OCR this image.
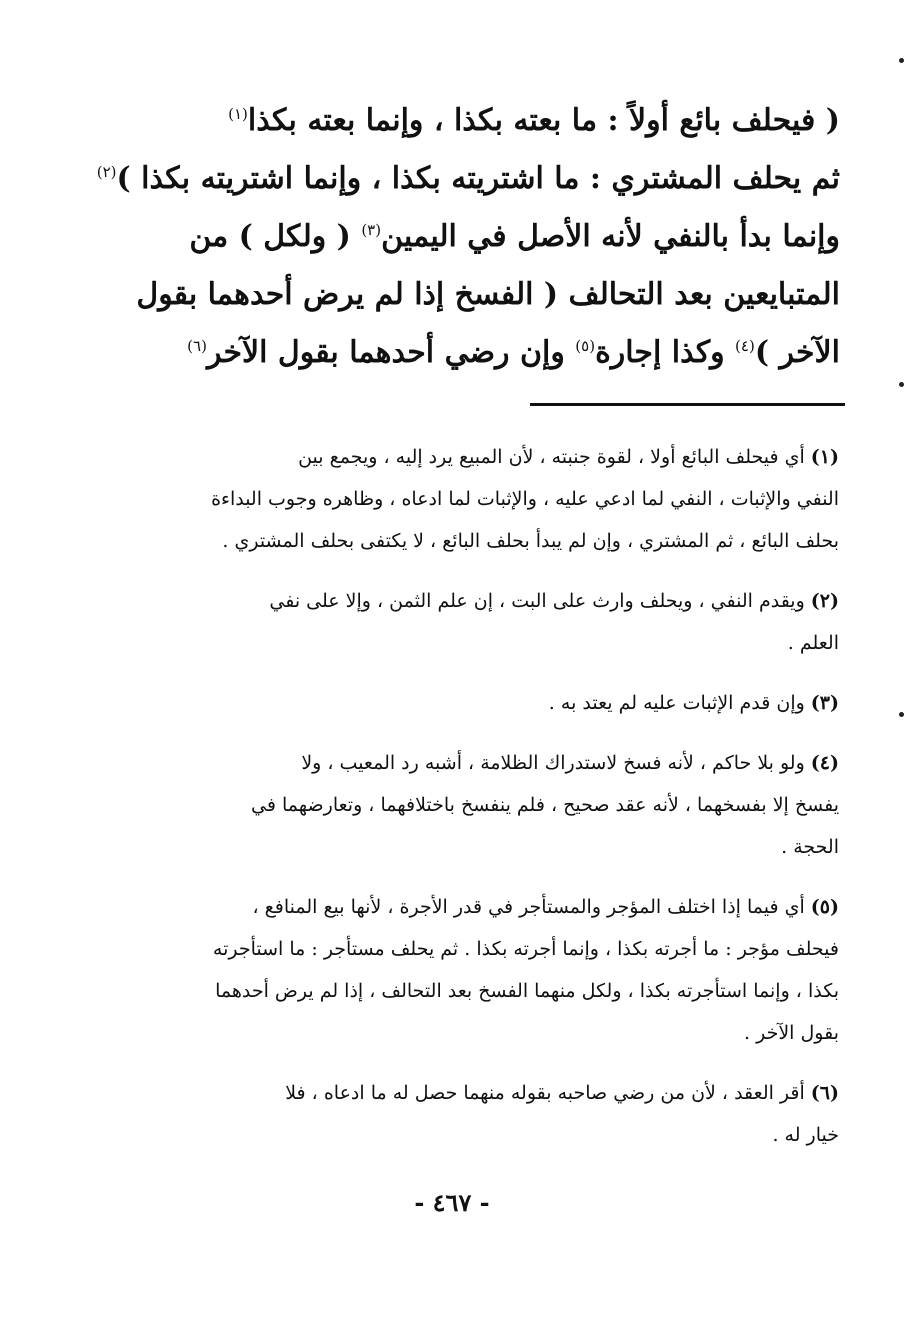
( فيحلف بائع أولاً : ما بعته بكذا ، وإنما بعته بكذا$^{(١)}$
ثم يحلف المشتري : ما اشتريته بكذا ، وإنما اشتريته بكذا )$^{(٢)}$
وإنما بدأ بالنفي لأنه الأصل في اليمين$^{(٣)}$ ( ولكل ) من
المتبايعين بعد التحالف ( الفسخ إذا لم يرض أحدهما بقول
الآخر )$^{(٤)}$ وكذا إجارة$^{(٥)}$ وإن رضي أحدهما بقول الآخر$^{(٦)}$
(١)أي فيحلف البائع أولا ، لقوة جنبته ، لأن المبيع يرد إليه ، ويجمع بين
النفي والإثبات ، النفي لما ادعي عليه ، والإثبات لما ادعاه ، وظاهره وجوب البداءة
بحلف البائع ، ثم المشتري ، وإن لم يبدأ بحلف البائع ، لا يكتفى بحلف المشتري .
(٢)ويقدم النفي ، ويحلف وارث على البت ، إن علم الثمن ، وإلا على نفي
العلم .
(٣)وإن قدم الإثبات عليه لم يعتد به .
(٤)ولو بلا حاكم ، لأنه فسخ لاستدراك الظلامة ، أشبه رد المعيب ، ولا
يفسخ إلا بفسخهما ، لأنه عقد صحيح ، فلم ينفسخ باختلافهما ، وتعارضهما في
الحجة .
(٥)أي فيما إذا اختلف المؤجر والمستأجر في قدر الأجرة ، لأنها بيع المنافع ،
فيحلف مؤجر : ما أجرته بكذا ، وإنما أجرته بكذا . ثم يحلف مستأجر : ما استأجرته
بكذا ، وإنما استأجرته بكذا ، ولكل منهما الفسخ بعد التحالف ، إذا لم يرض أحدهما
بقول الآخر .
(٦)أقر العقد ، لأن من رضي صاحبه بقوله منهما حصل له ما ادعاه ، فلا
خيار له .
- ٤٦٧ -
